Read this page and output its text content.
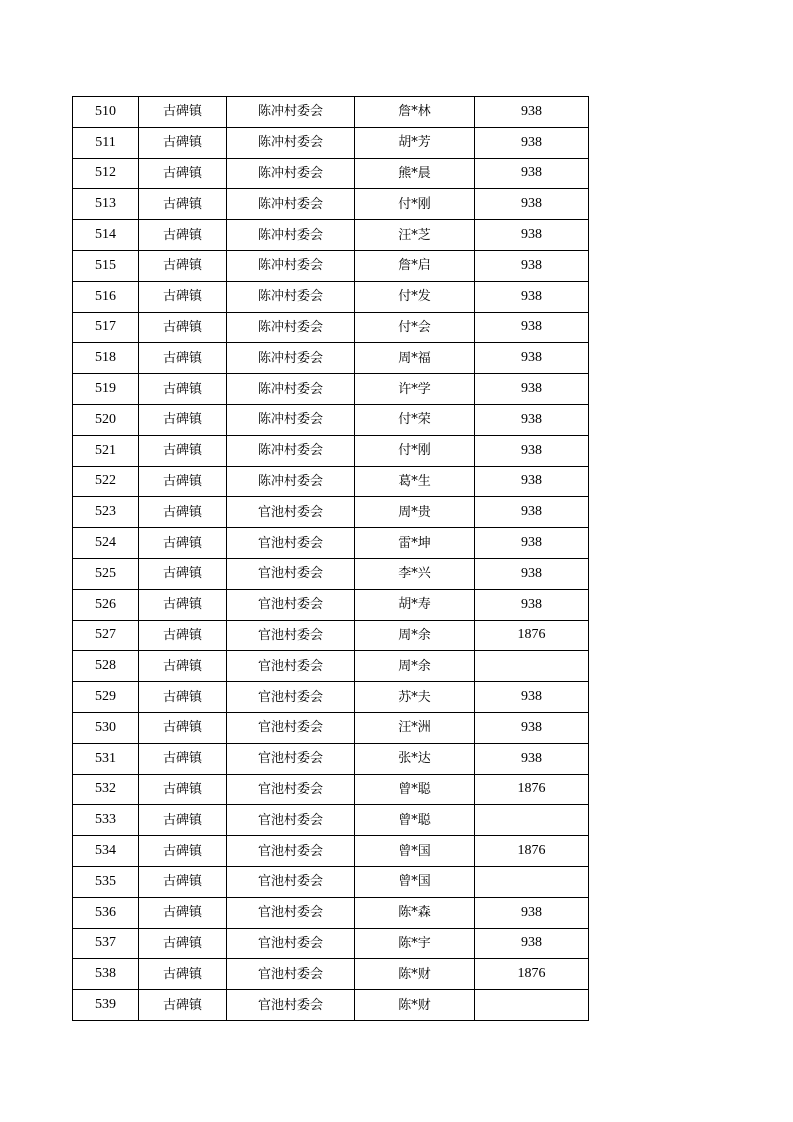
510	古碑镇	陈冲村委会	詹*林	938
511	古碑镇	陈冲村委会	胡*芳	938
512	古碑镇	陈冲村委会	熊*晨	938
513	古碑镇	陈冲村委会	付*刚	938
514	古碑镇	陈冲村委会	汪*芝	938
515	古碑镇	陈冲村委会	詹*启	938
516	古碑镇	陈冲村委会	付*发	938
517	古碑镇	陈冲村委会	付*会	938
518	古碑镇	陈冲村委会	周*福	938
519	古碑镇	陈冲村委会	许*学	938
520	古碑镇	陈冲村委会	付*荣	938
521	古碑镇	陈冲村委会	付*刚	938
522	古碑镇	陈冲村委会	葛*生	938
523	古碑镇	官池村委会	周*贵	938
524	古碑镇	官池村委会	雷*坤	938
525	古碑镇	官池村委会	李*兴	938
526	古碑镇	官池村委会	胡*寿	938
527	古碑镇	官池村委会	周*余	1876
528	古碑镇	官池村委会	周*余	
529	古碑镇	官池村委会	苏*夫	938
530	古碑镇	官池村委会	汪*洲	938
531	古碑镇	官池村委会	张*达	938
532	古碑镇	官池村委会	曾*聪	1876
533	古碑镇	官池村委会	曾*聪	
534	古碑镇	官池村委会	曾*国	1876
535	古碑镇	官池村委会	曾*国	
536	古碑镇	官池村委会	陈*森	938
537	古碑镇	官池村委会	陈*宇	938
538	古碑镇	官池村委会	陈*财	1876
539	古碑镇	官池村委会	陈*财	
